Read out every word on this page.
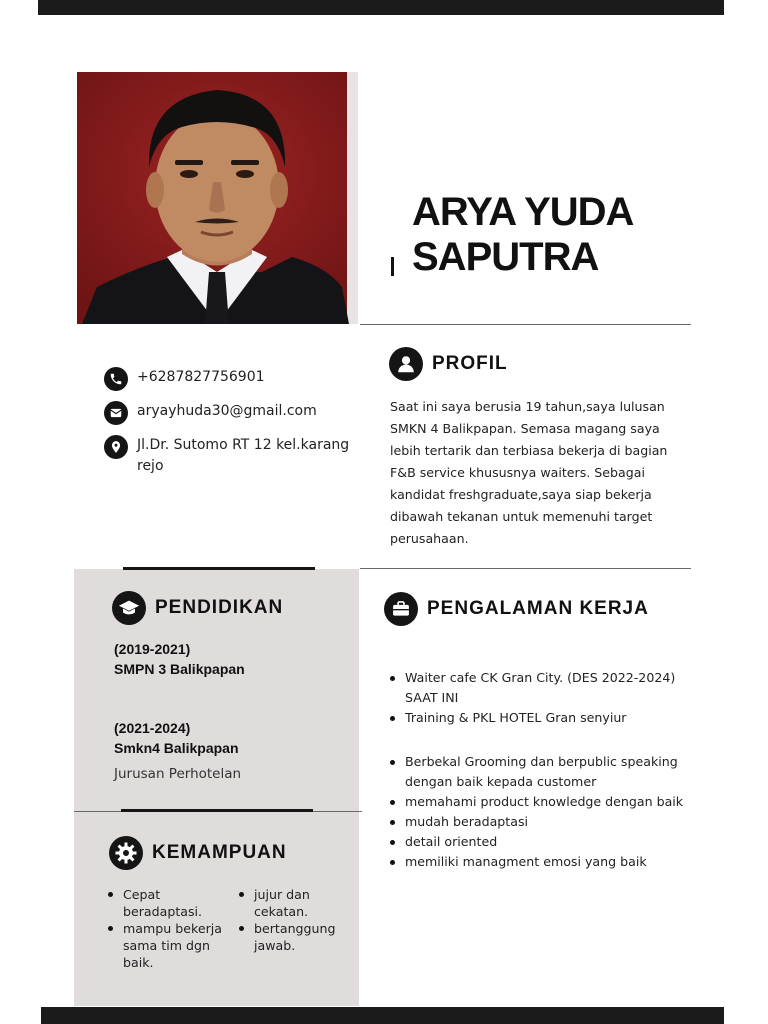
ARYA YUDA
SAPUTRA
+6287827756901
aryayhuda30@gmail.com
Jl.Dr. Sutomo RT 12 kel.karang rejo
PROFIL

Saat ini saya berusia 19 tahun,saya lulusan SMKN 4 Balikpapan. Semasa magang saya lebih tertarik dan terbiasa bekerja di bagian F&B service khususnya waiters. Sebagai kandidat freshgraduate,saya siap bekerja dibawah tekanan untuk memenuhi target perusahaan.

PENDIDIKAN
(2019-2021)
SMPN 3 Balikpapan
(2021-2024)
Smkn4 Balikpapan
Jurusan Perhotelan
KEMAMPUAN
Cepat beradaptasi.
mampu bekerja sama tim dgn baik.
jujur dan cekatan.
bertanggung jawab.
PENGALAMAN KERJA
Waiter cafe CK Gran City. (DES 2022-2024) SAAT INI
Training & PKL HOTEL Gran senyiur
Berbekal Grooming dan berpublic speaking dengan baik kepada customer
memahami product knowledge dengan baik
mudah beradaptasi
detail oriented
memiliki managment emosi yang baik
